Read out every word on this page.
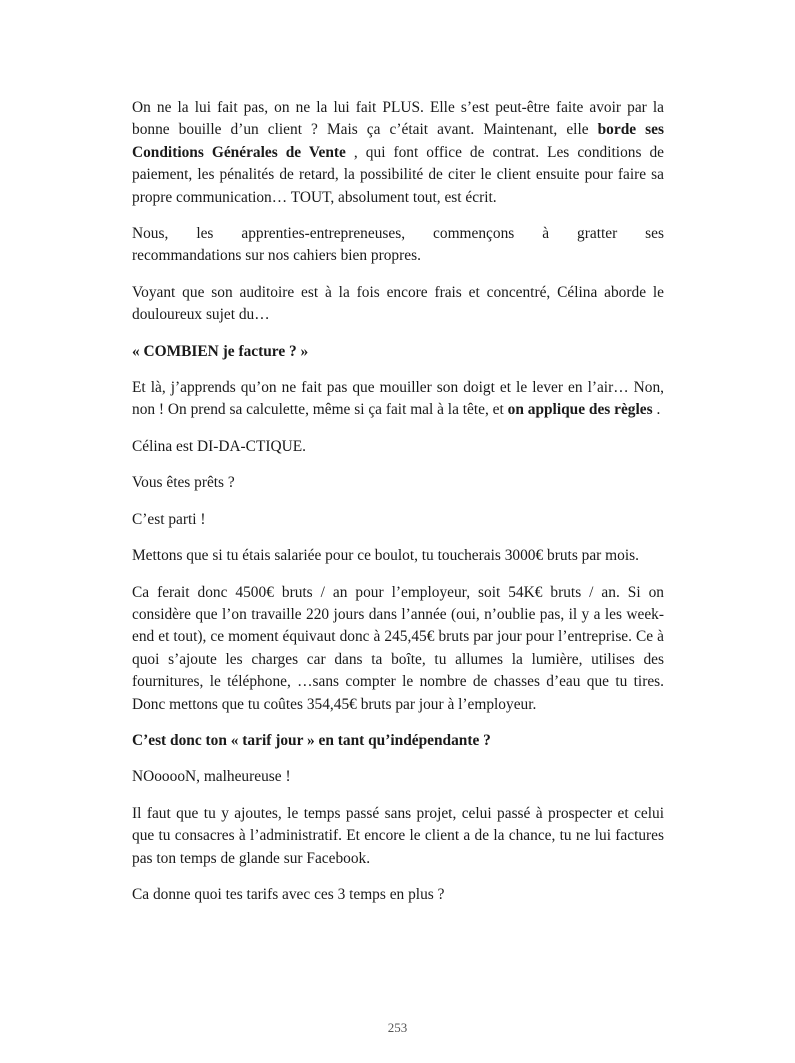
On ne la lui fait pas, on ne la lui fait PLUS. Elle s’est peut-être faite avoir par la bonne bouille d’un client ? Mais ça c’était avant. Maintenant, elle borde ses Conditions Générales de Vente , qui font office de contrat. Les conditions de paiement, les pénalités de retard, la possibilité de citer le client ensuite pour faire sa propre communication… TOUT, absolument tout, est écrit.

Nous, les apprenties-entrepreneuses, commençons à gratter ses

recommandations sur nos cahiers bien propres.

Voyant que son auditoire est à la fois encore frais et concentré, Célina aborde le douloureux sujet du…

« COMBIEN je facture ? »

Et là, j’apprends qu’on ne fait pas que mouiller son doigt et le lever en l’air… Non, non ! On prend sa calculette, même si ça fait mal à la tête, et on applique des règles .

Célina est DI-DA-CTIQUE.

Vous êtes prêts ?

C’est parti !

Mettons que si tu étais salariée pour ce boulot, tu toucherais 3000€ bruts par mois.

Ca ferait donc 4500€ bruts / an pour l’employeur, soit 54K€ bruts / an. Si on considère que l’on travaille 220 jours dans l’année (oui, n’oublie pas, il y a les week-end et tout), ce moment équivaut donc à 245,45€ bruts par jour pour l’entreprise. Ce à quoi s’ajoute les charges car dans ta boîte, tu allumes la lumière, utilises des fournitures, le téléphone, …sans compter le nombre de chasses d’eau que tu tires. Donc mettons que tu coûtes 354,45€ bruts par jour à l’employeur.

C’est donc ton « tarif jour » en tant qu’indépendante ?

NOooooN, malheureuse !

Il faut que tu y ajoutes, le temps passé sans projet, celui passé à prospecter et celui que tu consacres à l’administratif. Et encore le client a de la chance, tu ne lui factures pas ton temps de glande sur Facebook.

Ca donne quoi tes tarifs avec ces 3 temps en plus ?

253
